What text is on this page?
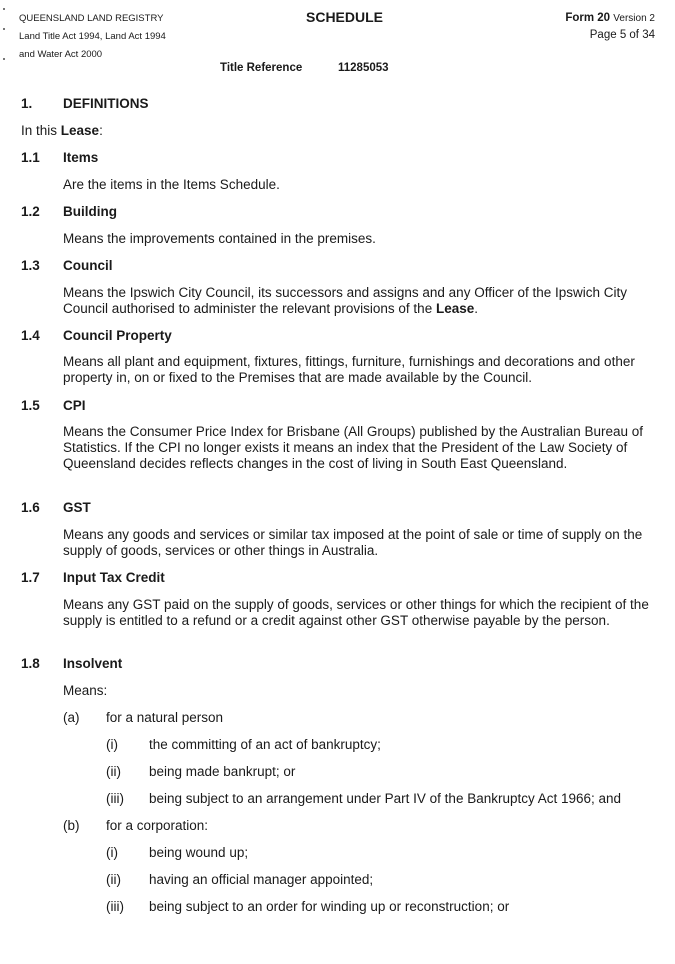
QUEENSLAND LAND REGISTRY
Land Title Act 1994, Land Act 1994
and Water Act 2000
SCHEDULE	Form 20 Version 2
Page 5 of 34
Title Reference	11285053
1. DEFINITIONS
In this Lease:
1.1 Items
Are the items in the Items Schedule.
1.2 Building
Means the improvements contained in the premises.
1.3 Council
Means the Ipswich City Council, its successors and assigns and any Officer of the Ipswich City Council authorised to administer the relevant provisions of the Lease.
1.4 Council Property
Means all plant and equipment, fixtures, fittings, furniture, furnishings and decorations and other property in, on or fixed to the Premises that are made available by the Council.
1.5 CPI
Means the Consumer Price Index for Brisbane (All Groups) published by the Australian Bureau of Statistics. If the CPI no longer exists it means an index that the President of the Law Society of Queensland decides reflects changes in the cost of living in South East Queensland.
1.6 GST
Means any goods and services or similar tax imposed at the point of sale or time of supply on the supply of goods, services or other things in Australia.
1.7 Input Tax Credit
Means any GST paid on the supply of goods, services or other things for which the recipient of the supply is entitled to a refund or a credit against other GST otherwise payable by the person.
1.8 Insolvent
Means:
(a) for a natural person
(i) the committing of an act of bankruptcy;
(ii) being made bankrupt; or
(iii) being subject to an arrangement under Part IV of the Bankruptcy Act 1966; and
(b) for a corporation:
(i) being wound up;
(ii) having an official manager appointed;
(iii) being subject to an order for winding up or reconstruction; or
